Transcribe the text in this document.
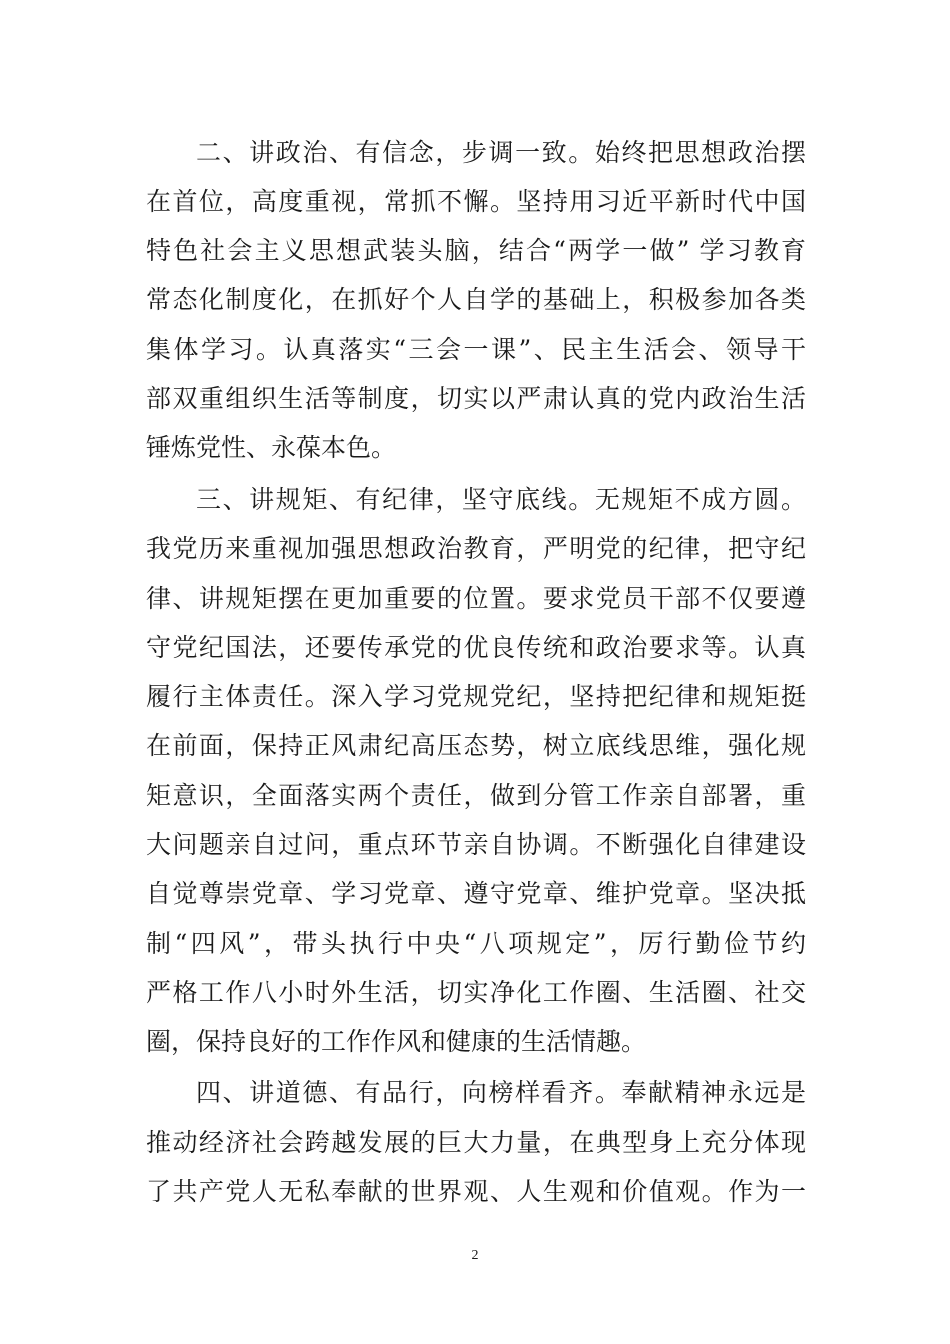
二、讲政治、有信念，步调一致。始终把思想政治摆
在首位，高度重视，常抓不懈。坚持用习近平新时代中国
特色社会主义思想武装头脑，结合“两学一做” 学习教育
常态化制度化，在抓好个人自学的基础上，积极参加各类
集体学习。认真落实“三会一课”、民主生活会、领导干
部双重组织生活等制度，切实以严肃认真的党内政治生活
锤炼党性、永葆本色。
三、讲规矩、有纪律，坚守底线。无规矩不成方圆。
我党历来重视加强思想政治教育，严明党的纪律，把守纪
律、讲规矩摆在更加重要的位置。要求党员干部不仅要遵
守党纪国法，还要传承党的优良传统和政治要求等。认真
履行主体责任。深入学习党规党纪，坚持把纪律和规矩挺
在前面，保持正风肃纪高压态势，树立底线思维，强化规
矩意识，全面落实两个责任，做到分管工作亲自部署，重
大问题亲自过问，重点环节亲自协调。不断强化自律建设
自觉尊崇党章、学习党章、遵守党章、维护党章。坚决抵
制“四风”，带头执行中央“八项规定”，厉行勤俭节约
严格工作八小时外生活，切实净化工作圈、生活圈、社交
圈，保持良好的工作作风和健康的生活情趣。
四、讲道德、有品行，向榜样看齐。奉献精神永远是
推动经济社会跨越发展的巨大力量，在典型身上充分体现
了共产党人无私奉献的世界观、人生观和价值观。作为一
2
